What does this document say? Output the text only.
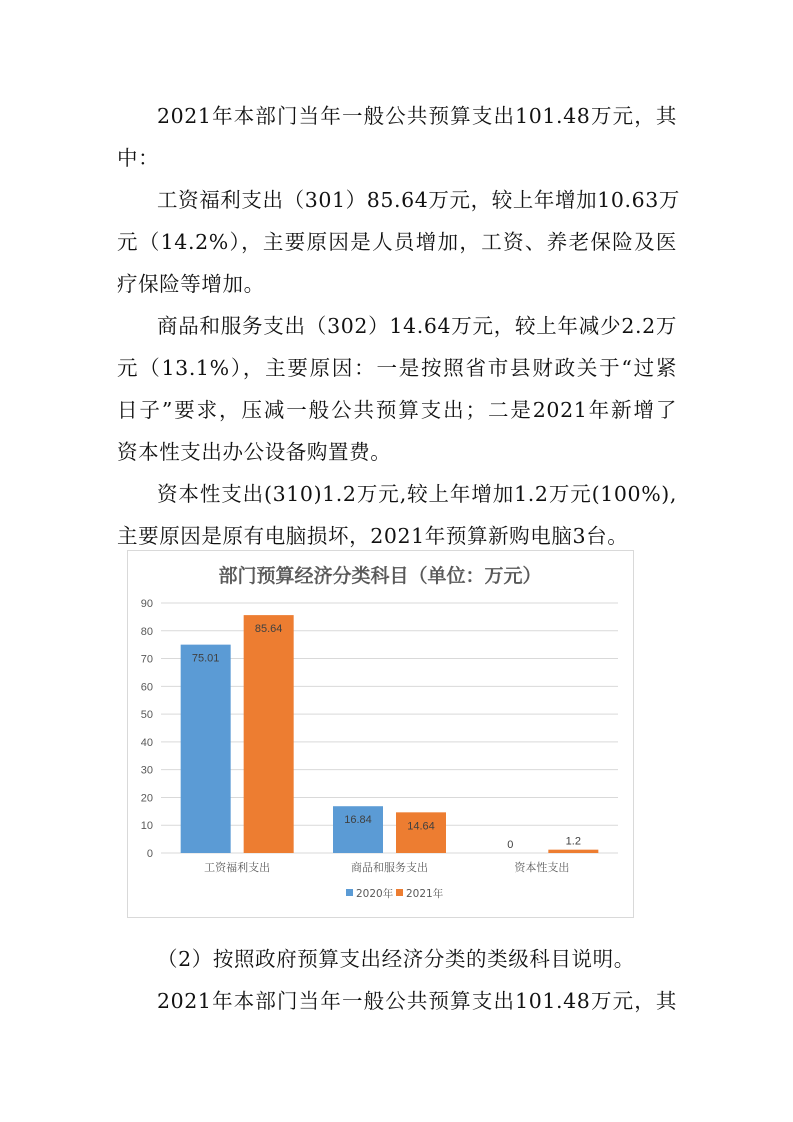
2021年本部门当年一般公共预算支出101.48万元，其
中：
工资福利支出（301）85.64万元，较上年增加10.63万
元（14.2%），主要原因是人员增加，工资、养老保险及医
疗保险等增加。
商品和服务支出（302）14.64万元，较上年减少2.2万
元（13.1%），主要原因：一是按照省市县财政关于“过紧
日子”要求，压减一般公共预算支出；二是2021年新增了
资本性支出办公设备购置费。
资本性支出(310)1.2万元,较上年增加1.2万元(100%),
主要原因是原有电脑损坏，2021年预算新购电脑3台。
部门预算经济分类科目（单位：万元）
0
10
20
30
40
50
60
70
80
90
75.01
85.64
工资福利支出
16.84
14.64
商品和服务支出
0	1.2
资本性支出
2020年 2021年
（2）按照政府预算支出经济分类的类级科目说明。
2021年本部门当年一般公共预算支出101.48万元，其
